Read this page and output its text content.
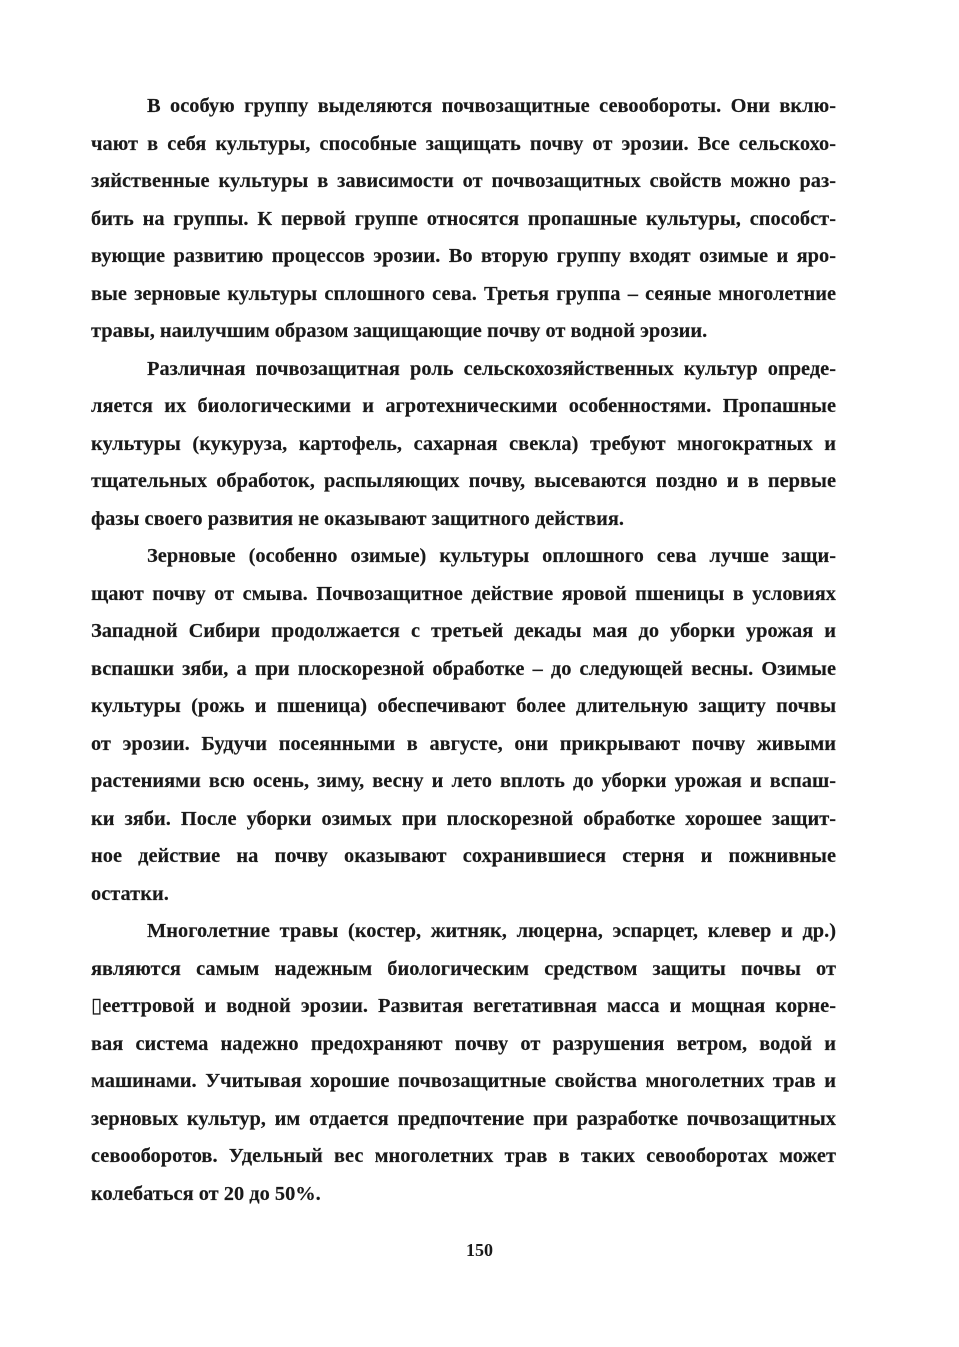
В особую группу выделяются почвозащитные севообороты. Они вклю-
чают в себя культуры, способные защищать почву от эрозии. Все сельскохо-
зяйственные культуры в зависимости от почвозащитных свойств можно раз-
бить на группы. К первой группе относятся пропашные культуры, способст-
вующие развитию процессов эрозии. Во вторую группу входят озимые и яро-
вые зерновые культуры сплошного сева. Третья группа – сеяные многолетние
травы, наилучшим образом защищающие почву от водной эрозии.
Различная почвозащитная роль сельскохозяйственных культур опреде-
ляется их биологическими и агротехническими особенностями. Пропашные
культуры (кукуруза, картофель, сахарная свекла) требуют многократных и
тщательных обработок, распыляющих почву, высеваются поздно и в первые
фазы своего развития не оказывают защитного действия.
Зерновые (особенно озимые) культуры оплошного сева лучше защи-
щают почву от смыва. Почвозащитное действие яровой пшеницы в условиях
Западной Сибири продолжается с третьей декады мая до уборки урожая и
вспашки зяби, а при плоскорезной обработке – до следующей весны. Озимые
культуры (рожь и пшеница) обеспечивают более длительную защиту почвы
от эрозии. Будучи посеянными в августе, они прикрывают почву живыми
растениями всю осень, зиму, весну и лето вплоть до уборки урожая и вспаш-
ки зяби. После уборки озимых при плоскорезной обработке хорошее защит-
ное действие на почву оказывают сохранившиеся стерня и пожнивные
остатки.
Многолетние травы (костер, житняк, люцерна, эспарцет, клевер и др.)
являются самым надежным биологическим средством защиты почвы от
▯ееттровой и водной эрозии. Развитая вегетативная масса и мощная корне-
вая система надежно предохраняют почву от разрушения ветром, водой и
машинами. Учитывая хорошие почвозащитные свойства многолетних трав и
зерновых культур, им отдается предпочтение при разработке почвозащитных
севооборотов. Удельный вес многолетних трав в таких севооборотах может
колебаться от 20 до 50%.
150
